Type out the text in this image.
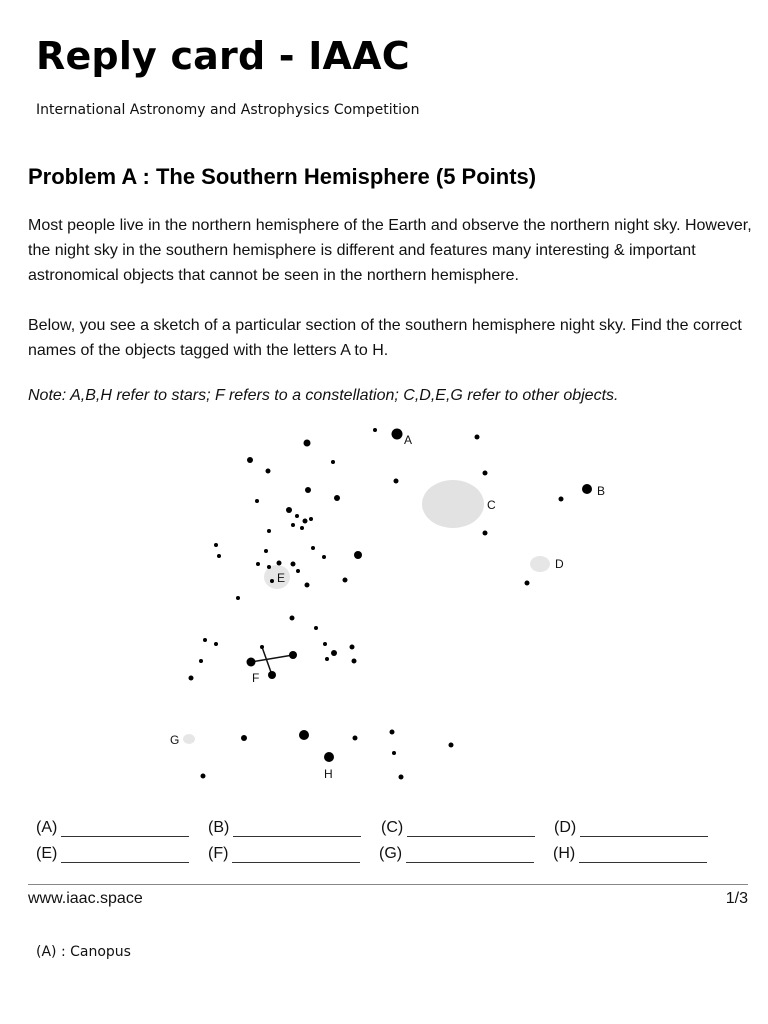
Reply card - IAAC

International Astronomy and Astrophysics Competition

Problem A : The Southern Hemisphere (5 Points)

Most people live in the northern hemisphere of the Earth and observe the northern night sky. However, the night sky in the southern hemisphere is different and features many interesting & important astronomical objects that cannot be seen in the northern hemisphere.

Below, you see a sketch of a particular section of the southern hemisphere night sky. Find the correct names of the objects tagged with the letters A to H.

Note: A,B,H refer to stars; F refers to a constellation; C,D,E,G refer to other objects.

A
B
C
D
E
F
G
H
(A)	(B)	(C)	(D)
(E)	(F)	(G)	(H)
www.iaac.space	1/3
(A) : Canopus
